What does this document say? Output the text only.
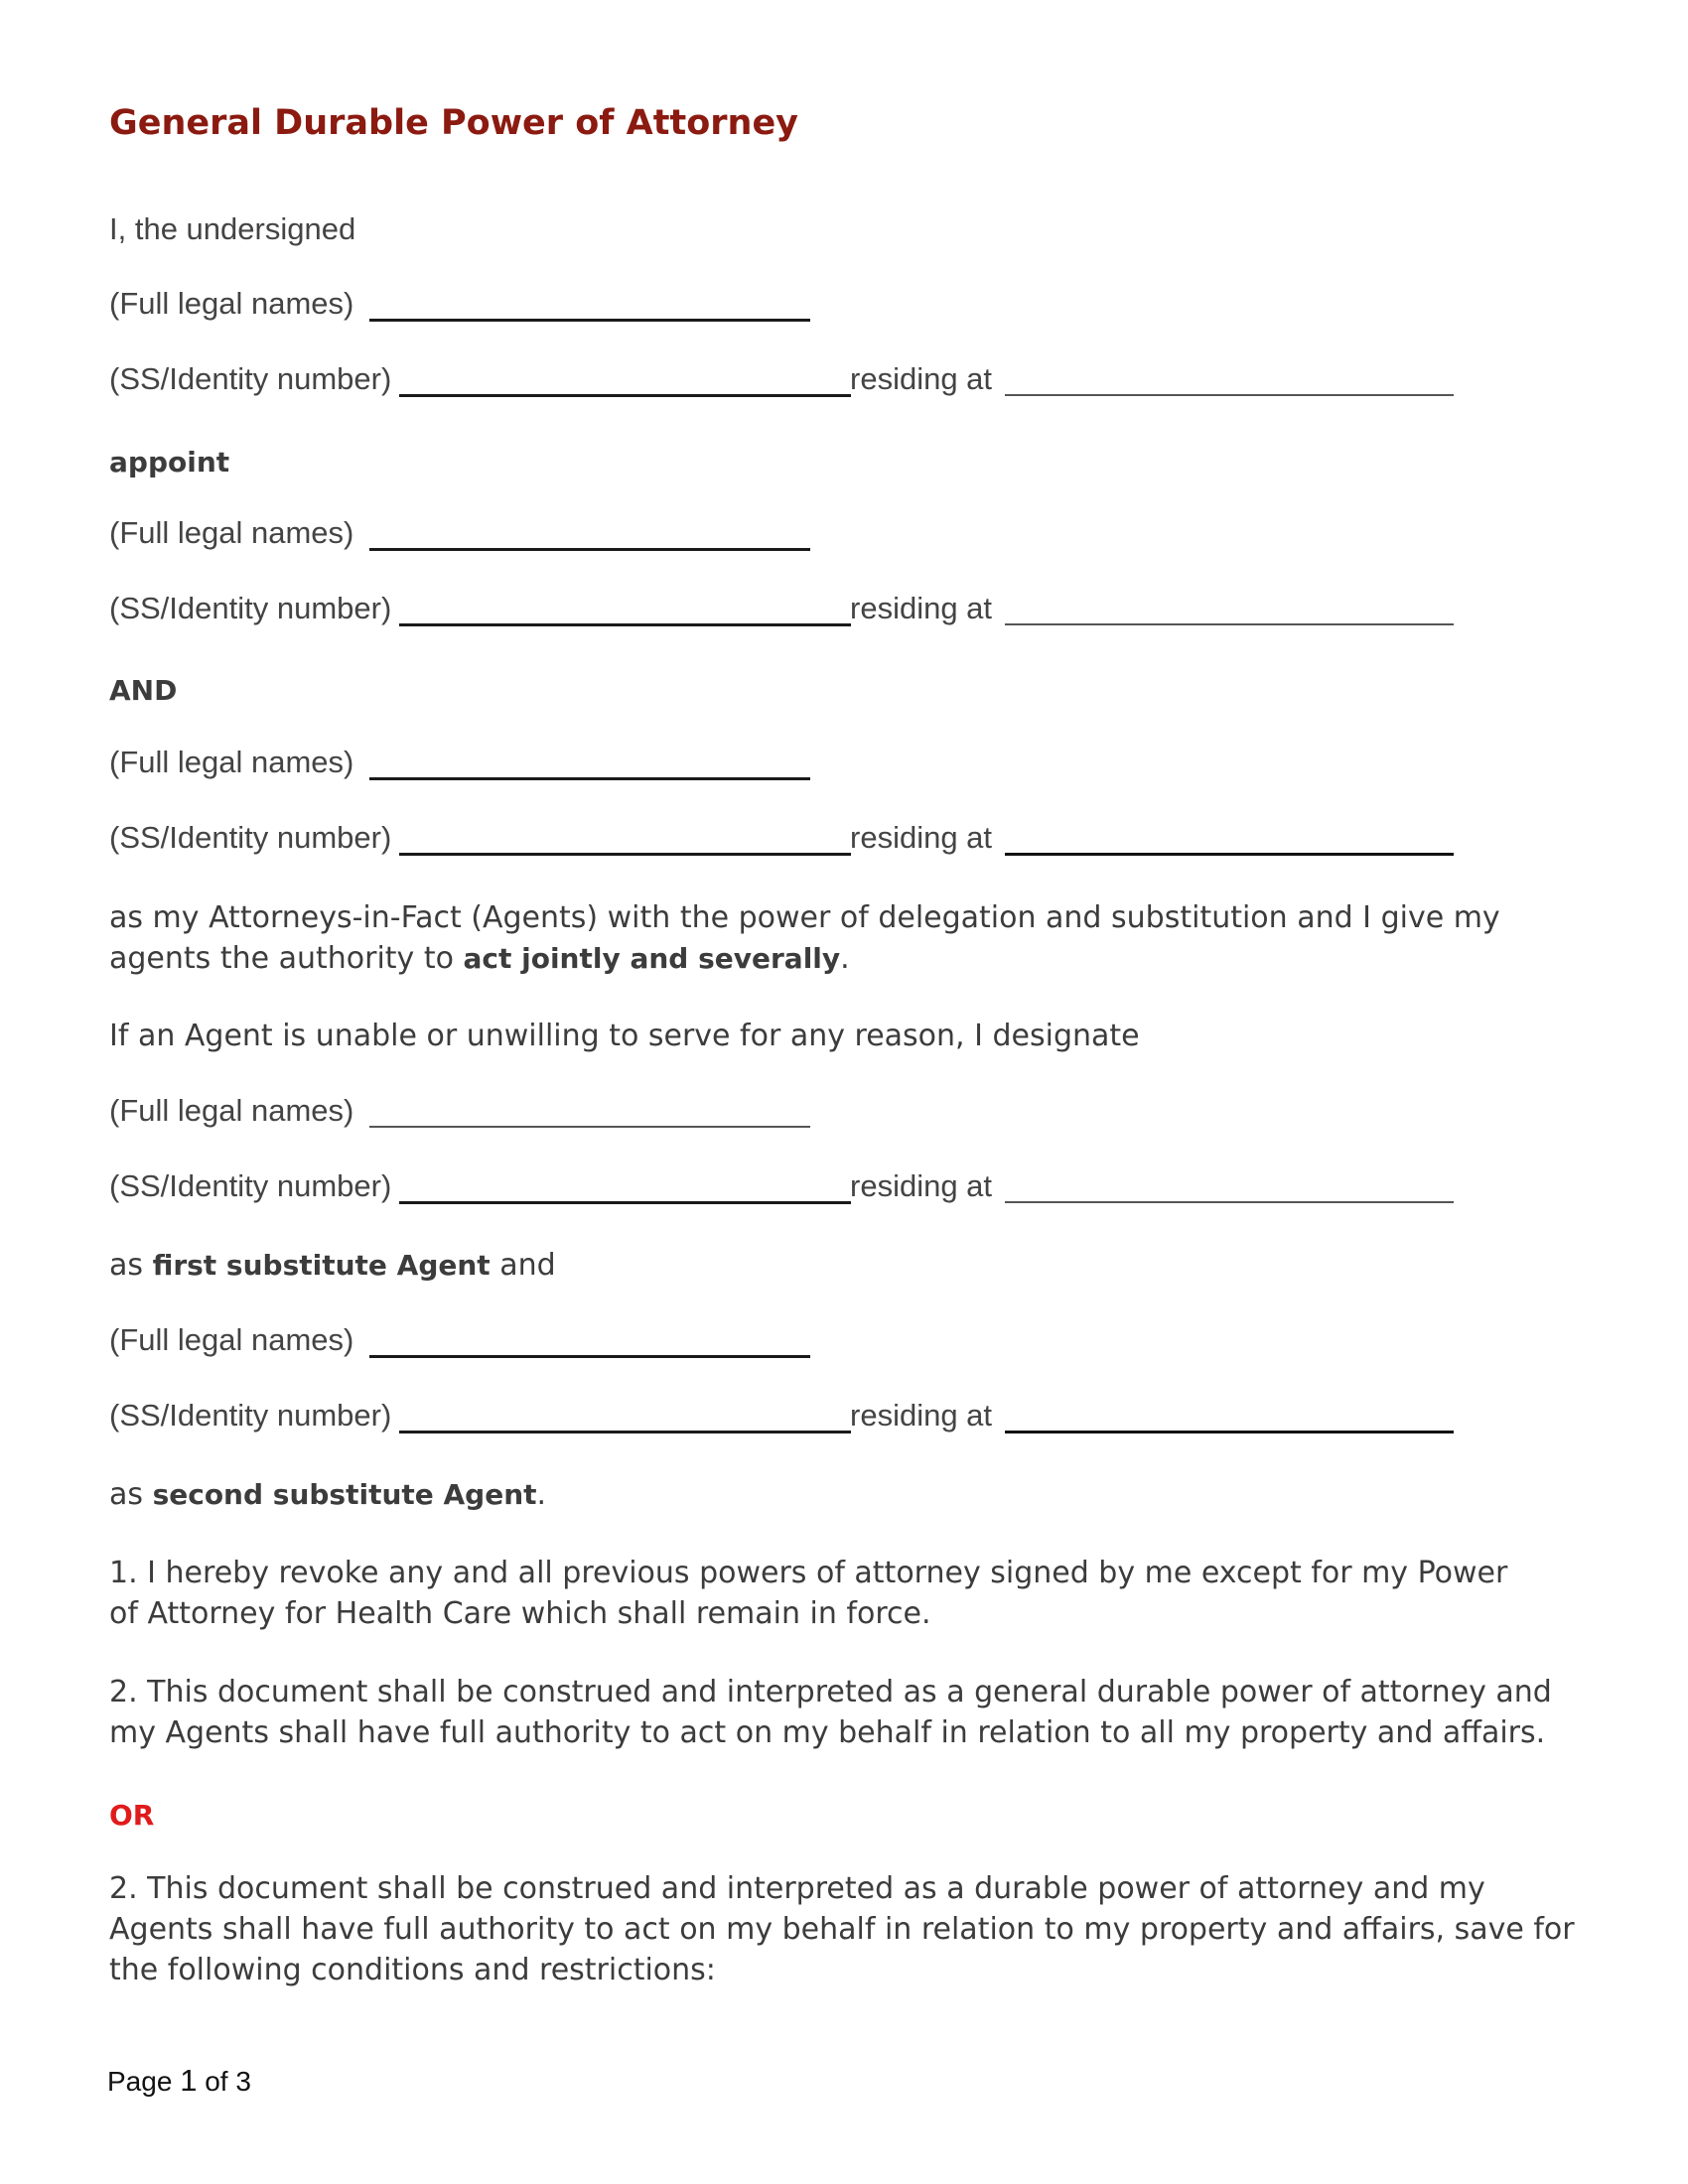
General Durable Power of Attorney
I, the undersigned
(Full legal names)
(SS/Identity number)	residing at
appoint
(Full legal names)
(SS/Identity number)	residing at
AND
(Full legal names)
(SS/Identity number)	residing at
as my Attorneys-in-Fact (Agents) with the power of delegation and substitution and I give my
agents the authority to act jointly and severally.
If an Agent is unable or unwilling to serve for any reason, I designate
(Full legal names)
(SS/Identity number)	residing at
as first substitute Agent and
(Full legal names)
(SS/Identity number)	residing at
as second substitute Agent.
1. I hereby revoke any and all previous powers of attorney signed by me except for my Power
of Attorney for Health Care which shall remain in force.
2. This document shall be construed and interpreted as a general durable power of attorney and
my Agents shall have full authority to act on my behalf in relation to all my property and affairs.
OR
2. This document shall be construed and interpreted as a durable power of attorney and my
Agents shall have full authority to act on my behalf in relation to my property and affairs, save for
the following conditions and restrictions:
Page 1 of 3
